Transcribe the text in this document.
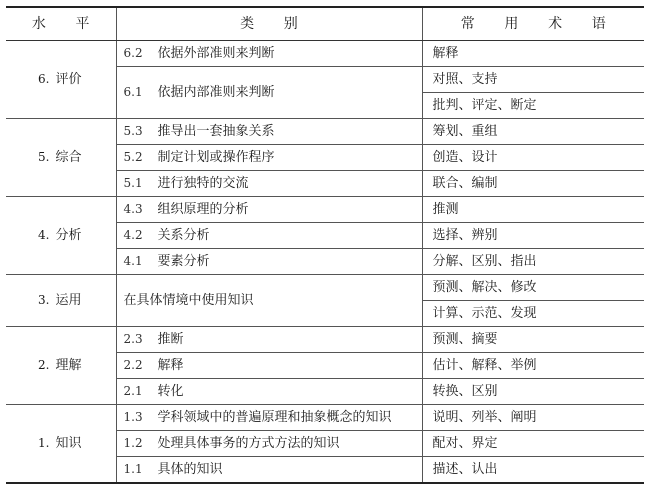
水 平	类 别	常 用 术 语
6. 评价	6.2 依据外部准则来判断	解释
	6.1 依据内部准则来判断	对照、支持
		批判、评定、断定
5. 综合	5.3 推导出一套抽象关系	筹划、重组
	5.2 制定计划或操作程序	创造、设计
	5.1 进行独特的交流	联合、编制
4. 分析	4.3 组织原理的分析	推测
	4.2 关系分析	选择、辨别
	4.1 要素分析	分解、区别、指出
3. 运用	在具体情境中使用知识	预测、解决、修改
		计算、示范、发现
2. 理解	2.3 推断	预测、摘要
	2.2 解释	估计、解释、举例
	2.1 转化	转换、区别
1. 知识	1.3 学科领域中的普遍原理和抽象概念的知识	说明、列举、阐明
	1.2 处理具体事务的方式方法的知识	配对、界定
	1.1 具体的知识	描述、认出
